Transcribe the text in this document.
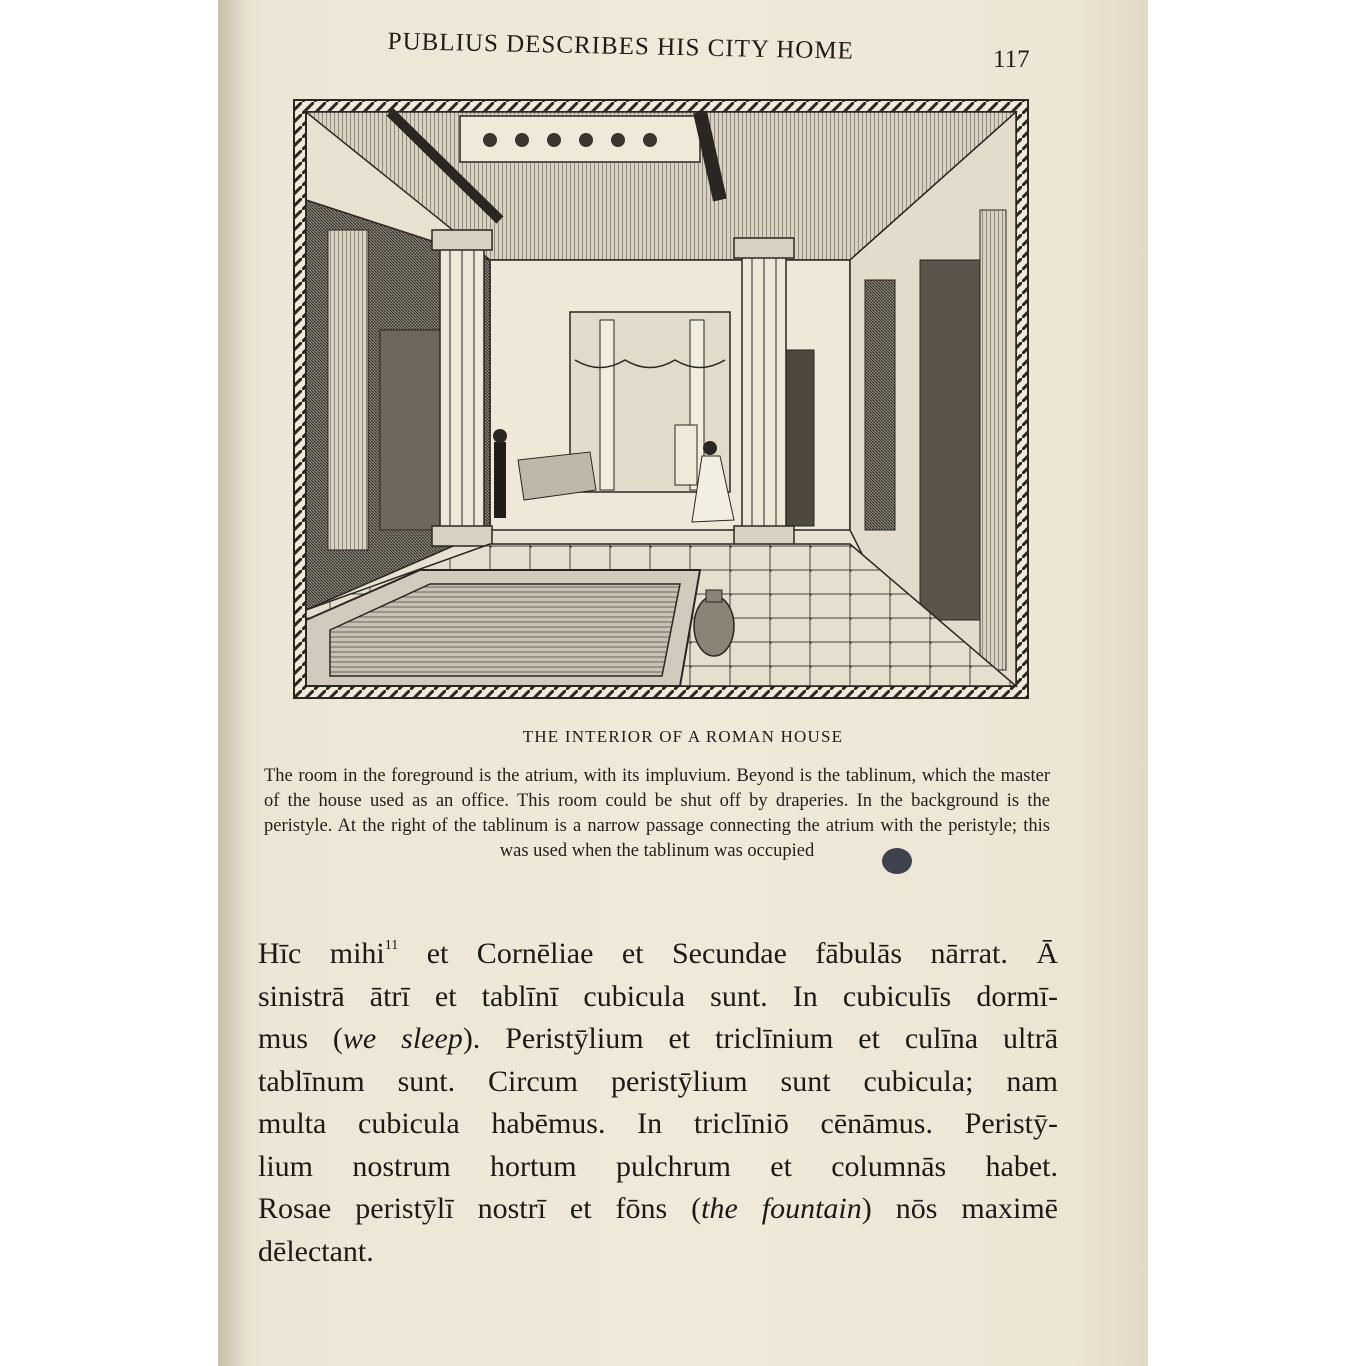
PUBLIUS DESCRIBES HIS CITY HOME	117
THE INTERIOR OF A ROMAN HOUSE
The room in the foreground is the atrium, with its impluvium. Beyond is the tablinum, which the master of the house used as an office. This room could be shut off by draperies. In the background is the peristyle. At the right of the tablinum is a narrow passage connecting the atrium with the peristyle; this was used when the tablinum was occupied
Hīc mihi$^{11}$ et Cornēliae et Secundae fābulās nārrat. Ā
sinistrā ātrī et tablīnī cubicula sunt. In cubiculīs dormī-
mus (we sleep). Peristȳlium et triclīnium et culīna ultrā
tablīnum sunt. Circum peristȳlium sunt cubicula; nam
multa cubicula habēmus. In triclīniō cēnāmus. Peristȳ-
lium nostrum hortum pulchrum et columnās habet.
Rosae peristȳlī nostrī et fōns (the fountain) nōs maximē
dēlectant.
